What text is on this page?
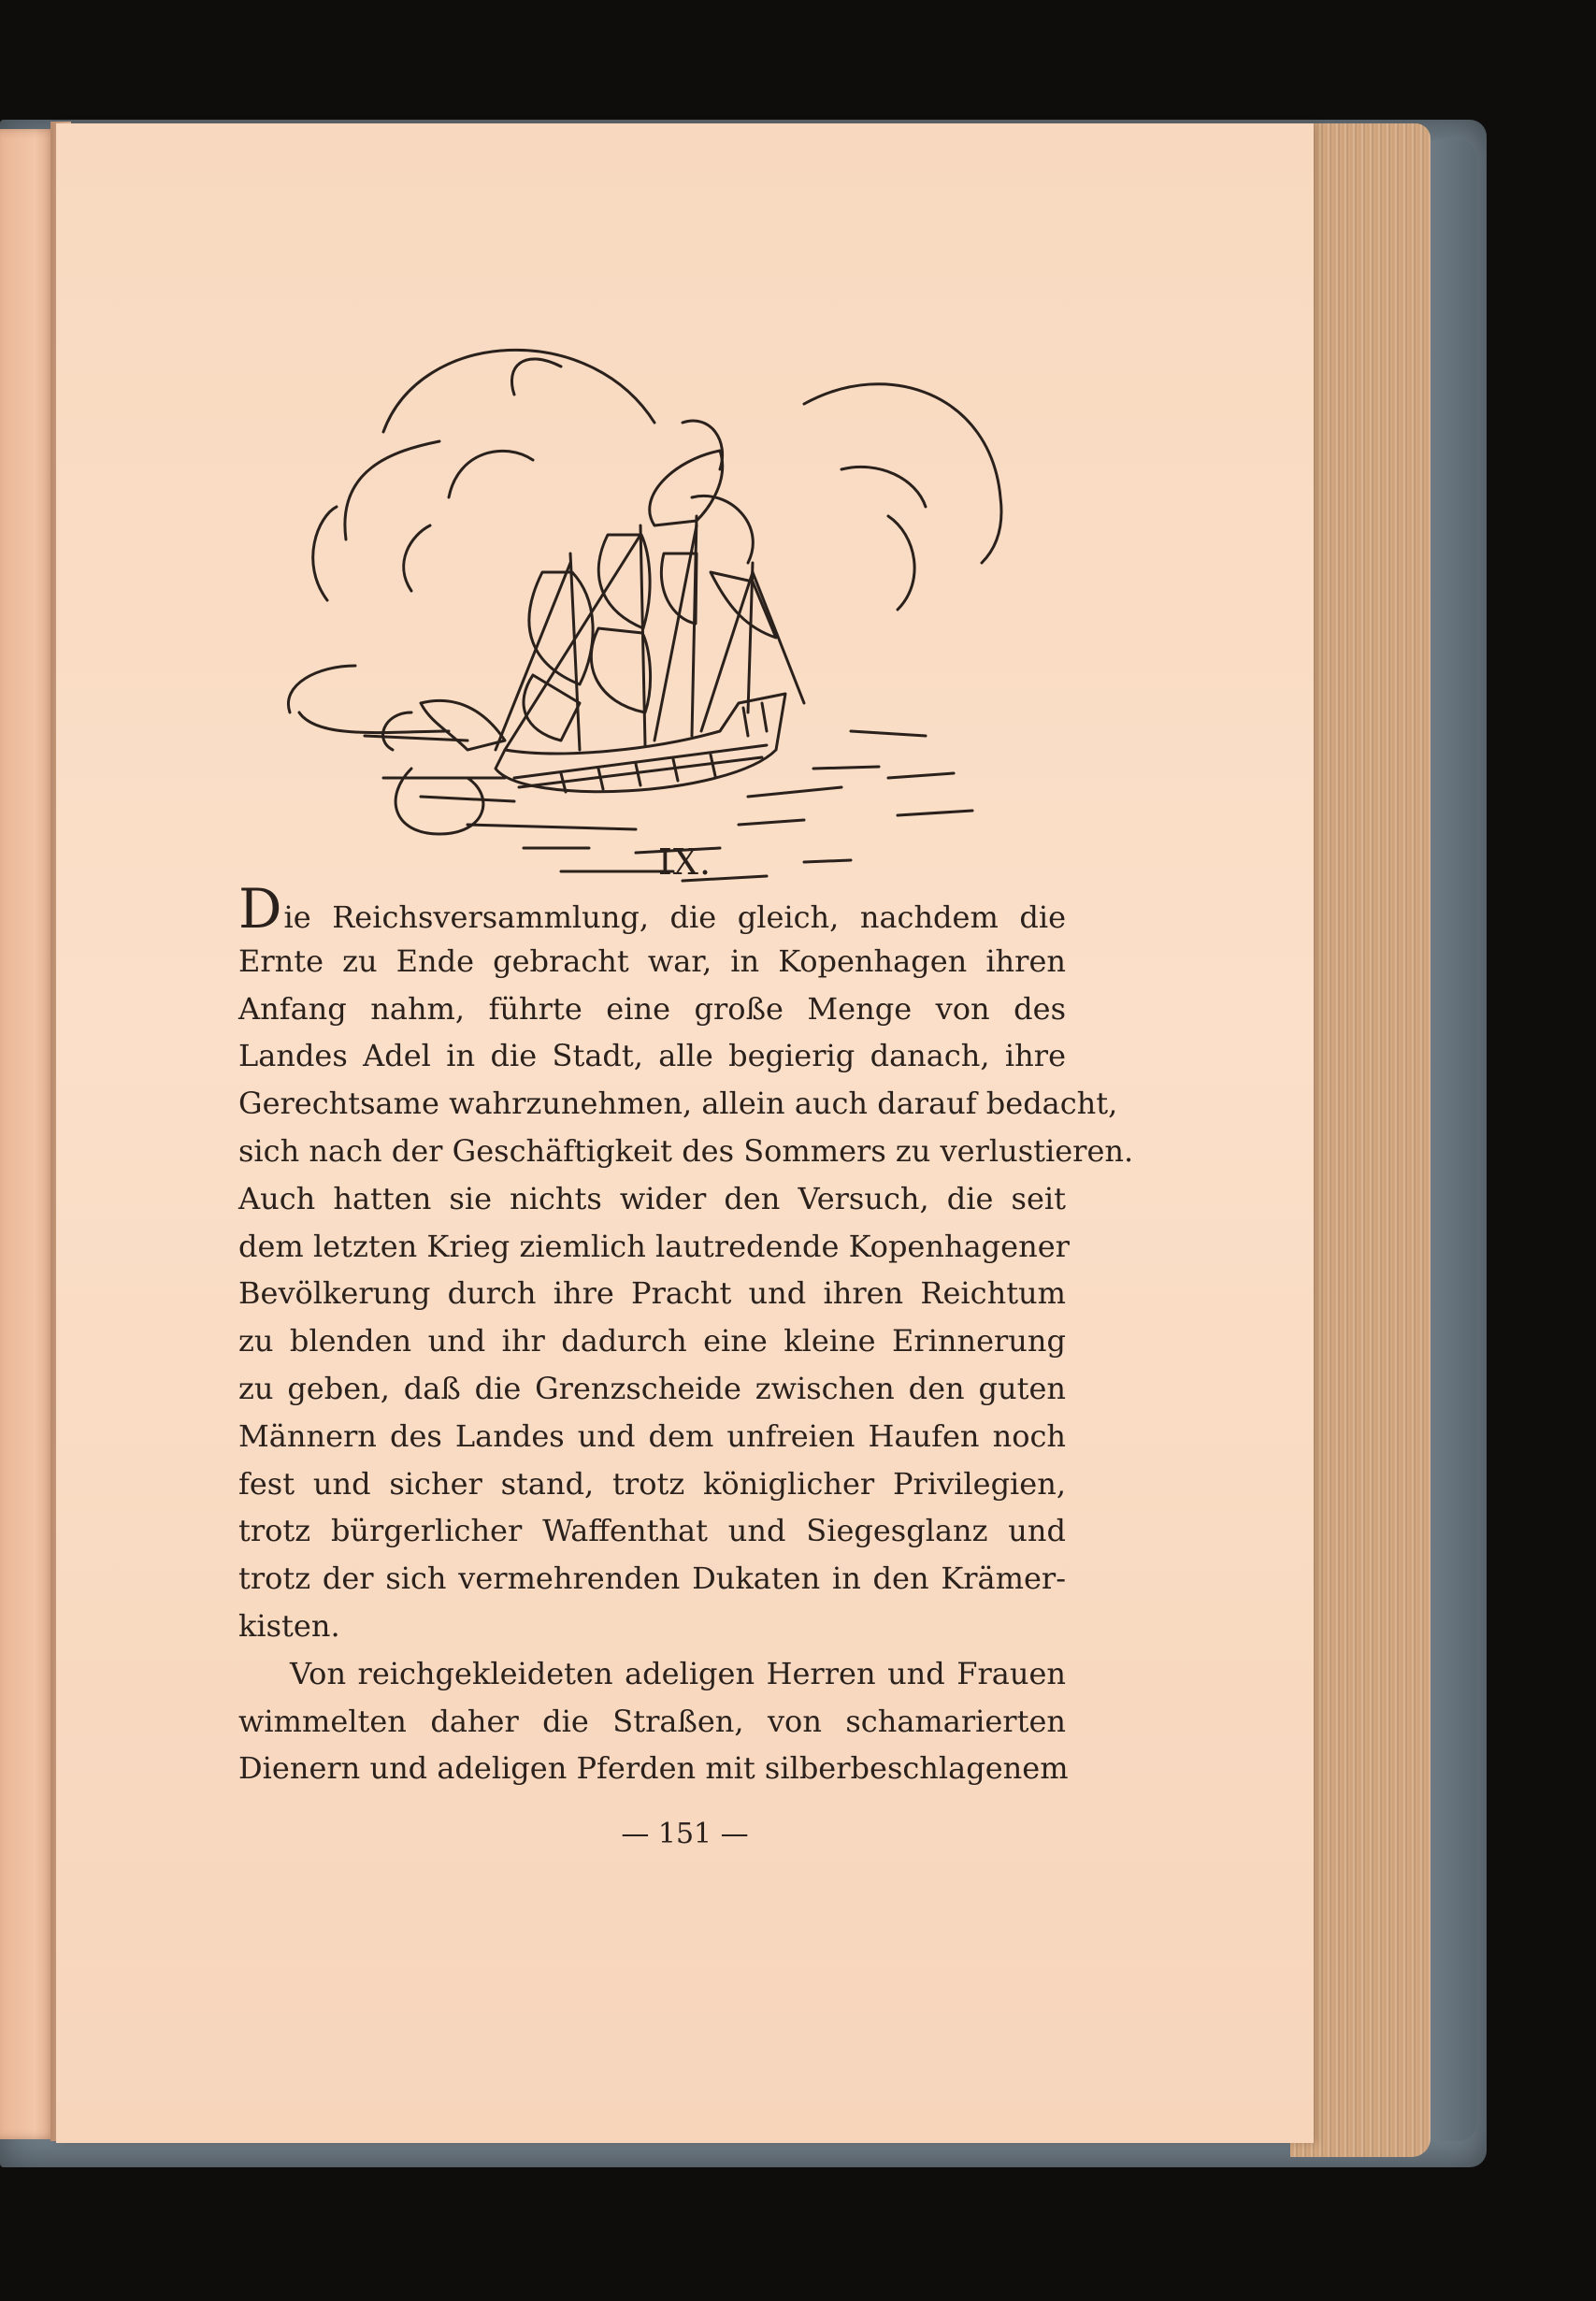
IX.
Die Reichsversammlung, die gleich, nachdem die
Ernte zu Ende gebracht war, in Kopenhagen ihren
Anfang nahm, führte eine große Menge von des
Landes Adel in die Stadt, alle begierig danach, ihre
Gerechtsame wahrzunehmen, allein auch darauf bedacht,
sich nach der Geschäftigkeit des Sommers zu verlustieren.
Auch hatten sie nichts wider den Versuch, die seit
dem letzten Krieg ziemlich lautredende Kopenhagener
Bevölkerung durch ihre Pracht und ihren Reichtum
zu blenden und ihr dadurch eine kleine Erinnerung
zu geben, daß die Grenzscheide zwischen den guten
Männern des Landes und dem unfreien Haufen noch
fest und sicher stand, trotz königlicher Privilegien,
trotz bürgerlicher Waffenthat und Siegesglanz und
trotz der sich vermehrenden Dukaten in den Krämer-
kisten.
Von reichgekleideten adeligen Herren und Frauen
wimmelten daher die Straßen, von schamarierten
Dienern und adeligen Pferden mit silberbeschlagenem
— 151 —
